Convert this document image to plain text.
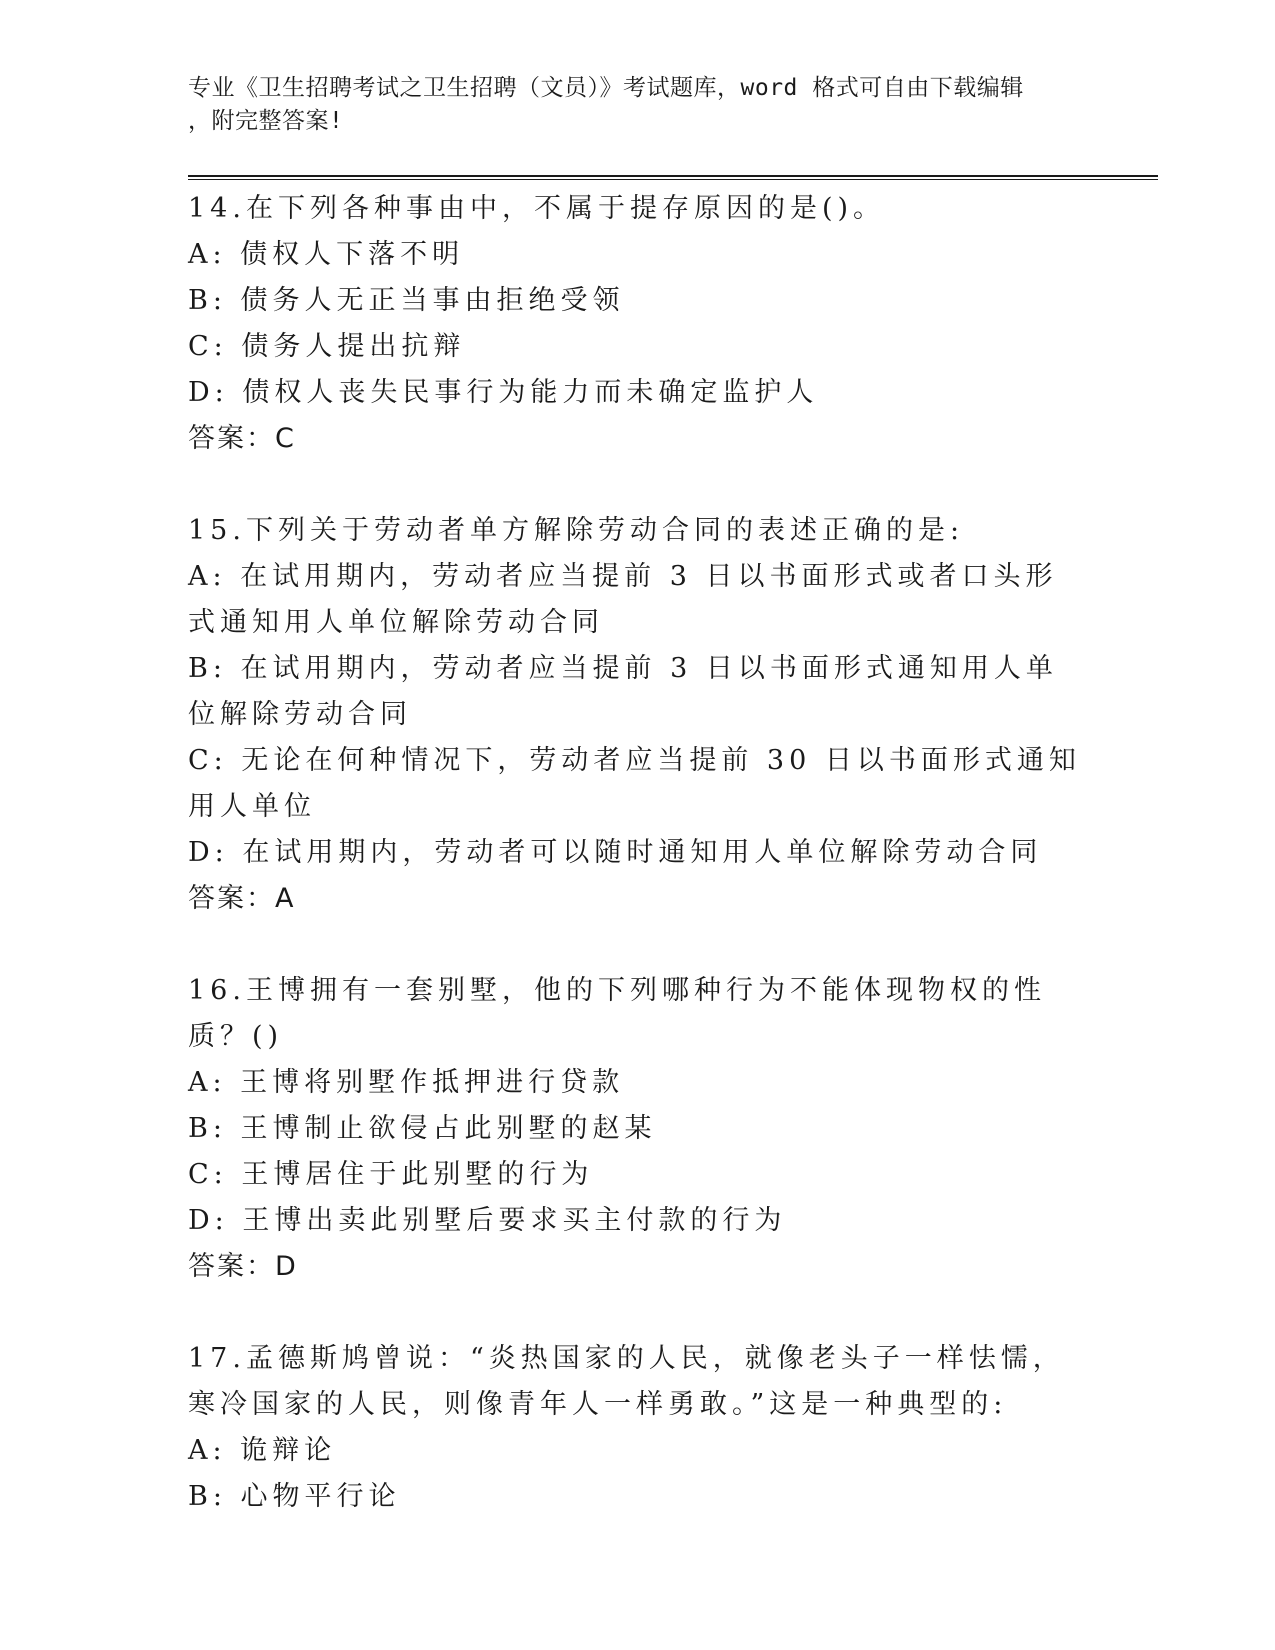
专业《卫生招聘考试之卫生招聘（文员）》考试题库，word 格式可自由下载编辑
，附完整答案!
14.在下列各种事由中，不属于提存原因的是()。
A: 债权人下落不明
B: 债务人无正当事由拒绝受领
C: 债务人提出抗辩
D: 债权人丧失民事行为能力而未确定监护人
答案：C
15.下列关于劳动者单方解除劳动合同的表述正确的是:
A: 在试用期内，劳动者应当提前 3 日以书面形式或者口头形式通知用人单位解除劳动合同
B: 在试用期内，劳动者应当提前 3 日以书面形式通知用人单位解除劳动合同
C: 无论在何种情况下，劳动者应当提前 30 日以书面形式通知用人单位
D: 在试用期内，劳动者可以随时通知用人单位解除劳动合同
答案：A
16.王博拥有一套别墅，他的下列哪种行为不能体现物权的性质？()
A: 王博将别墅作抵押进行贷款
B: 王博制止欲侵占此别墅的赵某
C: 王博居住于此别墅的行为
D: 王博出卖此别墅后要求买主付款的行为
答案：D
17.孟德斯鸠曾说：“炎热国家的人民，就像老头子一样怯懦，寒冷国家的人民，则像青年人一样勇敢。”这是一种典型的:
A: 诡辩论
B: 心物平行论
